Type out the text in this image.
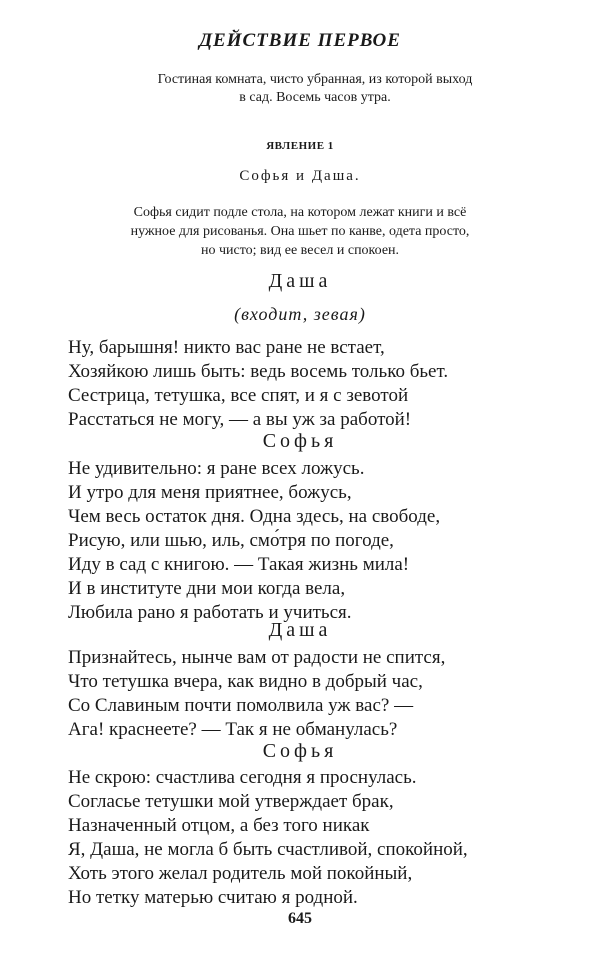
ДЕЙСТВИЕ ПЕРВОЕ
Гостиная комната, чисто убранная, из которой выход
в сад. Восемь часов утра.
ЯВЛЕНИЕ 1
Софья и Даша.
Софья сидит подле стола, на котором лежат книги и всё
нужное для рисованья. Она шьет по канве, одета просто,
но чисто; вид ее весел и спокоен.
Даша
(входит, зевая)
Ну, барышня! никто вас ране не встает,
Хозяйкою лишь быть: ведь восемь только бьет.
Сестрица, тетушка, все спят, и я с зевотой
Расстаться не могу, — а вы уж за работой!
Софья
Не удивительно: я ране всех ложусь.
И утро для меня приятнее, божусь,
Чем весь остаток дня. Одна здесь, на свободе,
Рисую, или шью, иль, смо́тря по погоде,
Иду в сад с книгою. — Такая жизнь мила!
И в институте дни мои когда вела,
Любила рано я работать и учиться.
Даша
Признайтесь, нынче вам от радости не спится,
Что тетушка вчера, как видно в добрый час,
Со Славиным почти помолвила уж вас? —
Ага! краснеете? — Так я не обманулась?
Софья
Не скрою: счастлива сегодня я проснулась.
Согласье тетушки мой утверждает брак,
Назначенный отцом, а без того никак
Я, Даша, не могла б быть счастливой, спокойной,
Хоть этого желал родитель мой покойный,
Но тетку матерью считаю я родной.
645
